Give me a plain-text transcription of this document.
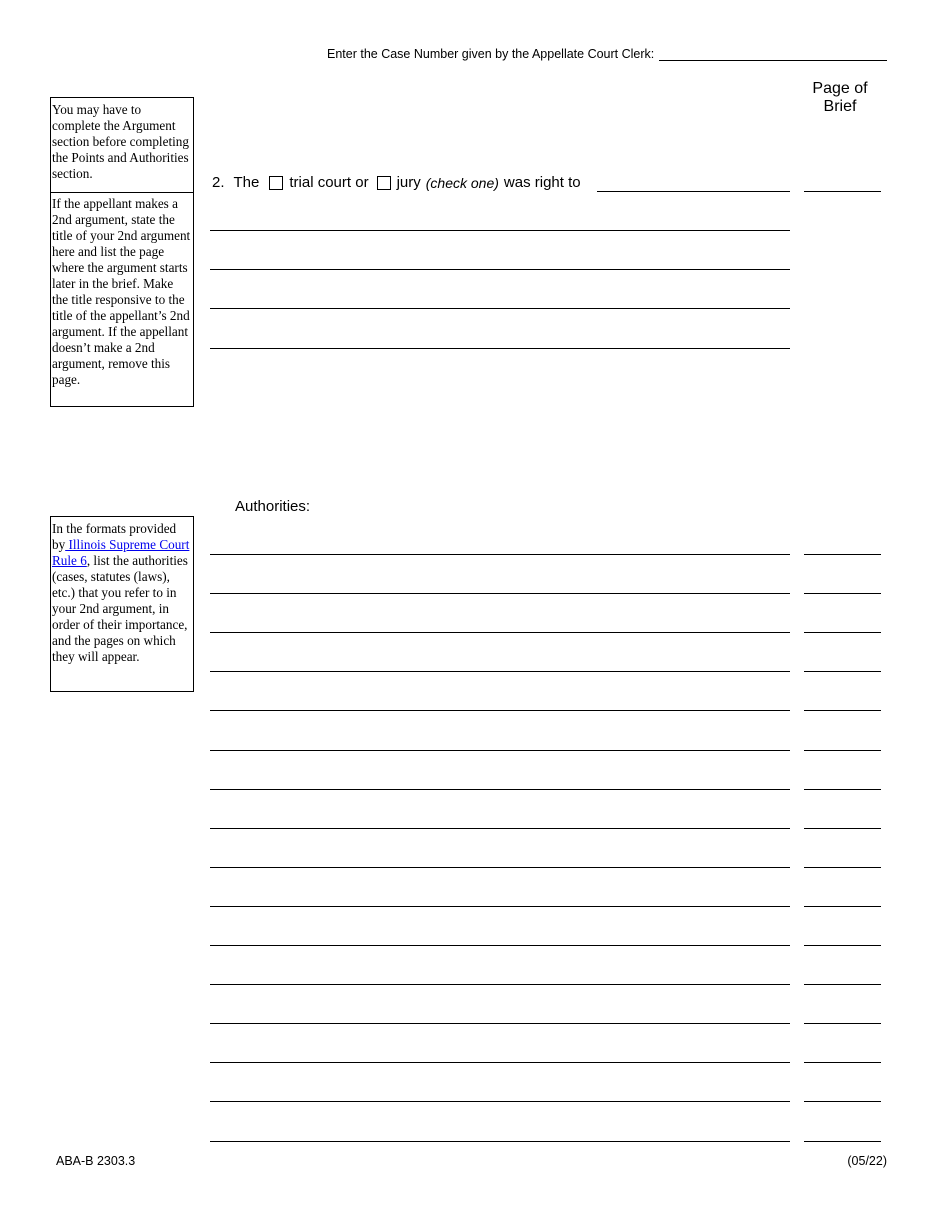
Enter the Case Number given by the Appellate Court Clerk:
Page of
Brief
You may have to complete the Argument section before completing the Points and Authorities section.
If the appellant makes a 2nd argument, state the title of your 2nd argument here and list the page where the argument starts later in the brief. Make the title responsive to the title of the appellant’s 2nd argument. If the appellant doesn’t make a 2nd argument, remove this page.
In the formats provided by Illinois Supreme Court Rule 6, list the authorities (cases, statutes (laws), etc.) that you refer to in your 2nd argument, in order of their importance, and the pages on which they will appear.
2. The trial court or jury (check one) was right to
Authorities:
ABA-B 2303.3	(05/22)
